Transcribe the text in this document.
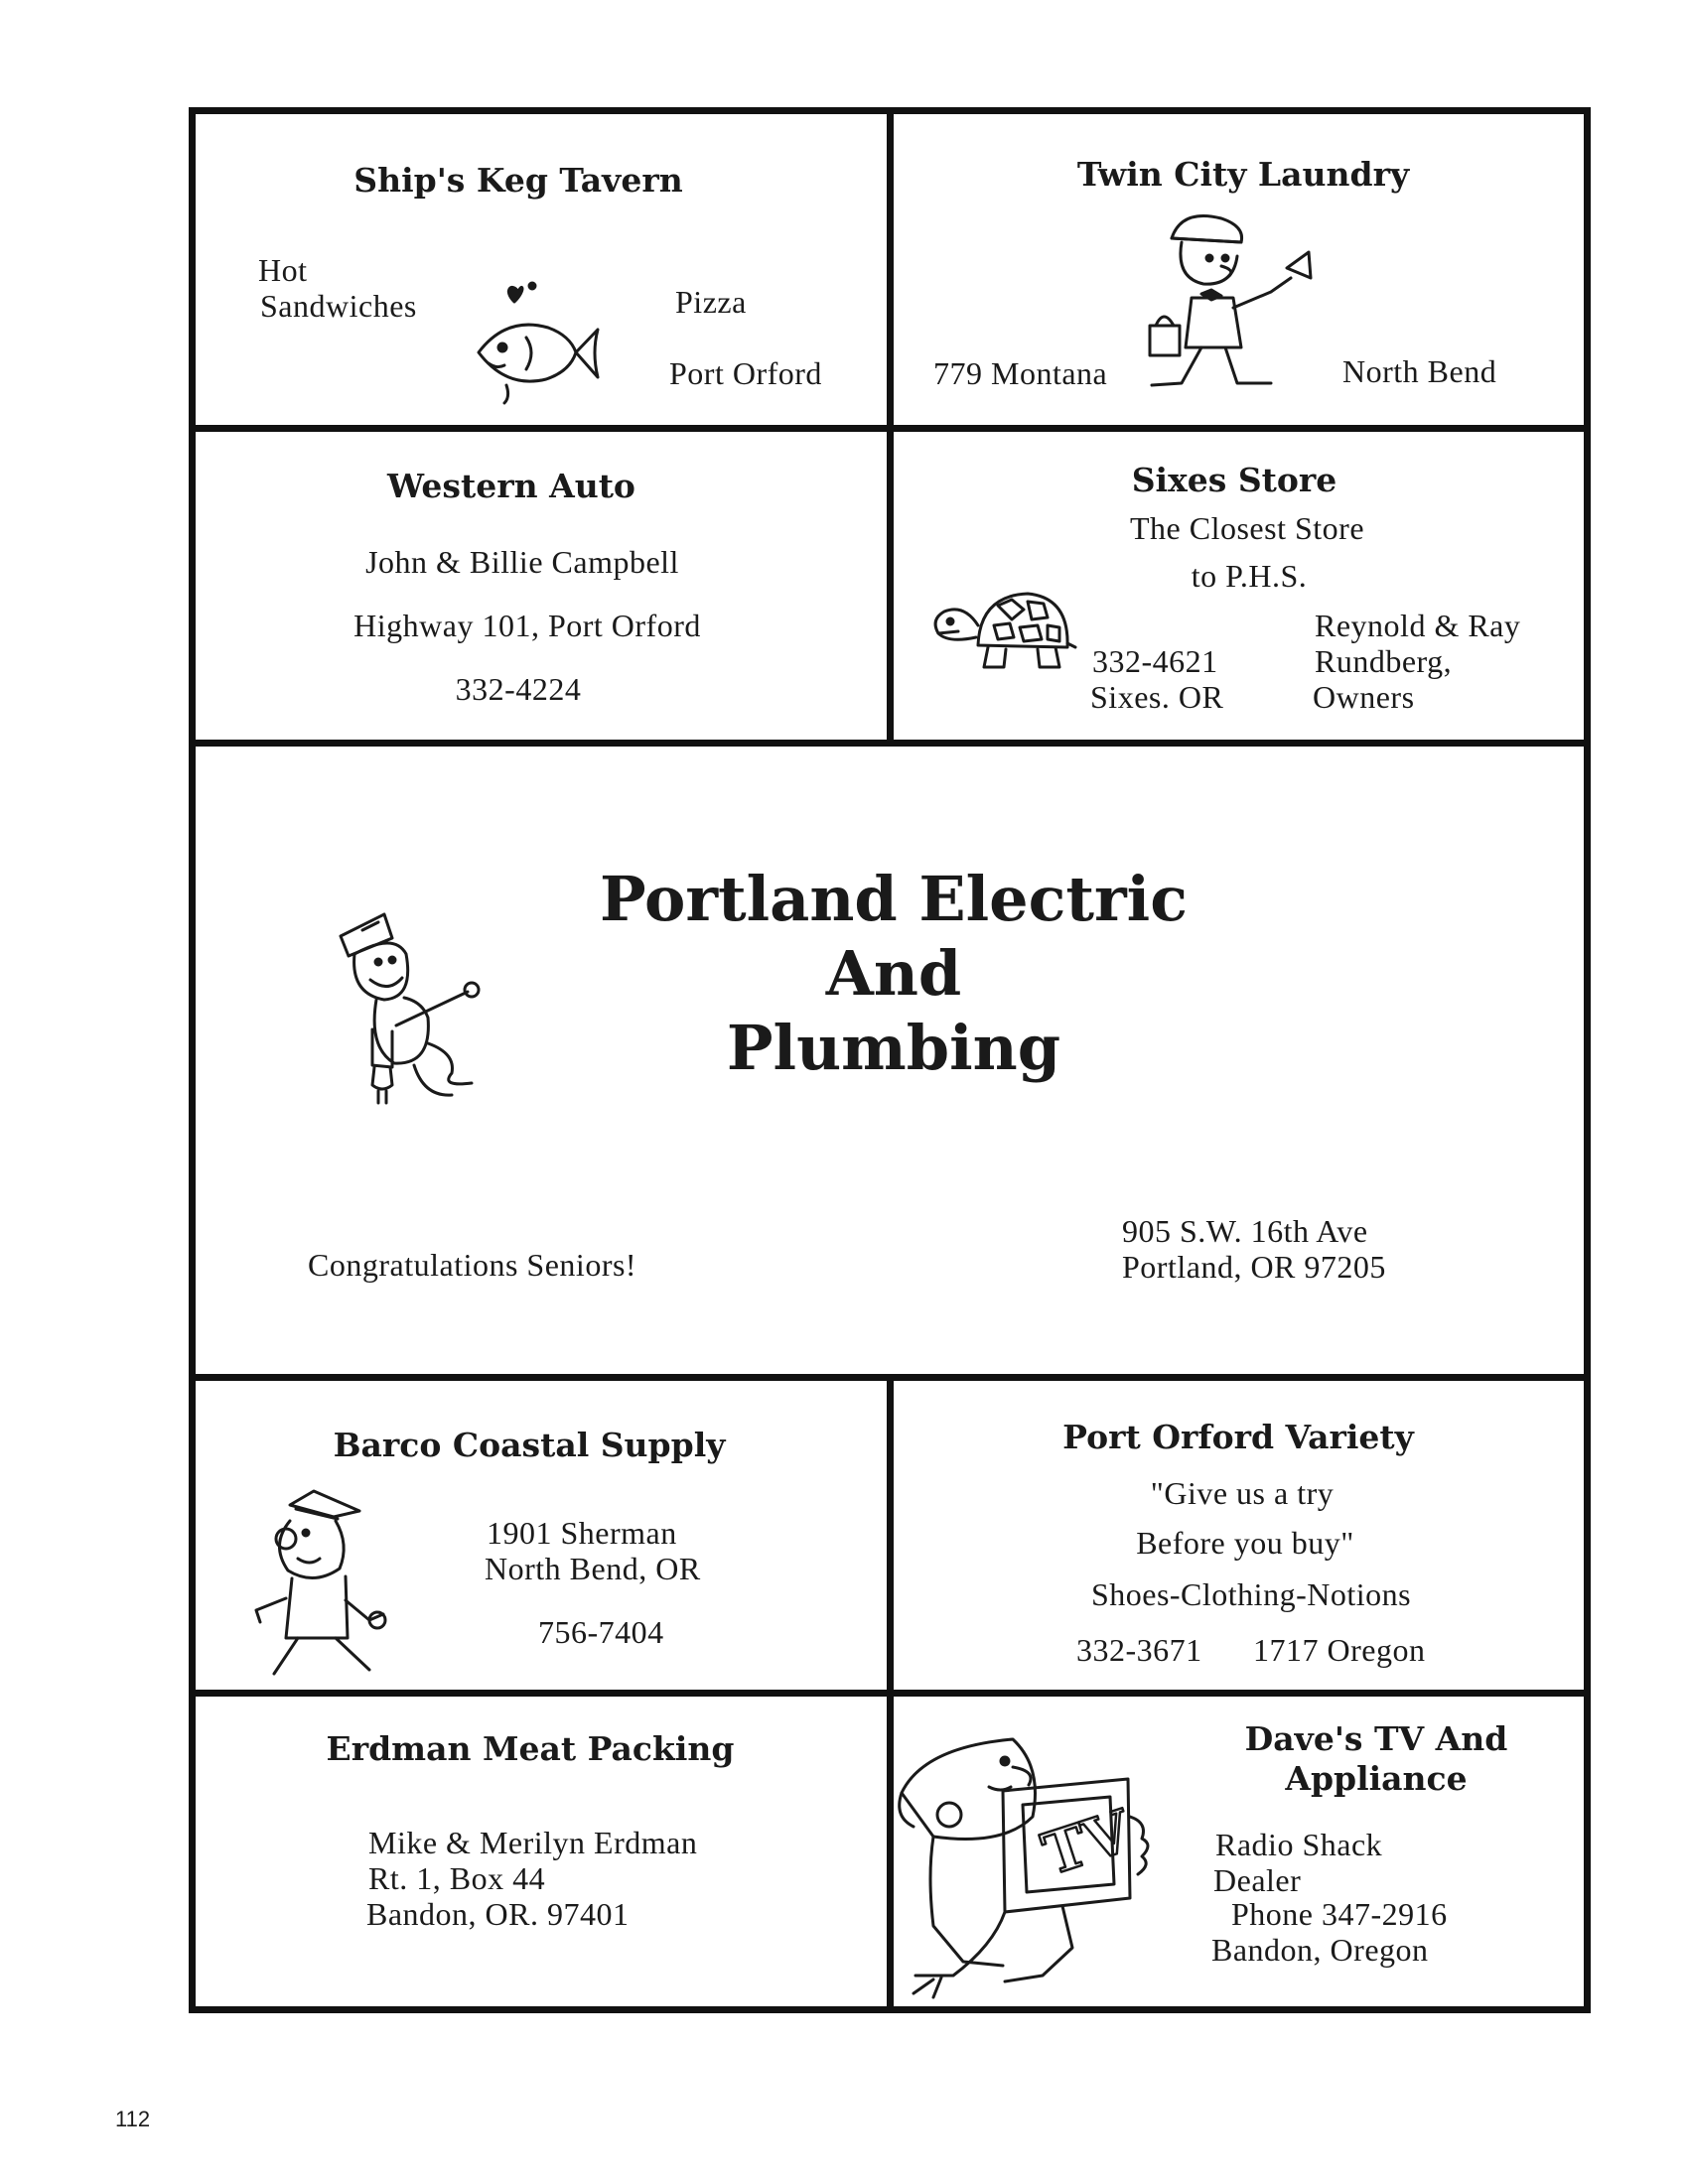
Ship's Keg Tavern
Hot
Sandwiches	Pizza
Port Orford
Twin City Laundry
779 Montana	North Bend
Western Auto
John & Billie Campbell
Highway 101, Port Orford
332-4224
Sixes Store
The Closest Store
to P.H.S.
332-4621
Sixes. OR
Reynold & Ray
Rundberg,
Owners
Portland Electric
And
Plumbing
Congratulations Seniors!
905 S.W. 16th Ave
Portland, OR 97205
Barco Coastal Supply
1901 Sherman
North Bend, OR
756-7404
Port Orford Variety
"Give us a try
Before you buy"
Shoes-Clothing-Notions
332-3671 1717 Oregon
Erdman Meat Packing
Mike & Merilyn Erdman
Rt. 1, Box 44
Bandon, OR. 97401
Dave's TV And
Appliance
Radio Shack
Dealer
Phone 347-2916
Bandon, Oregon
TV
112
